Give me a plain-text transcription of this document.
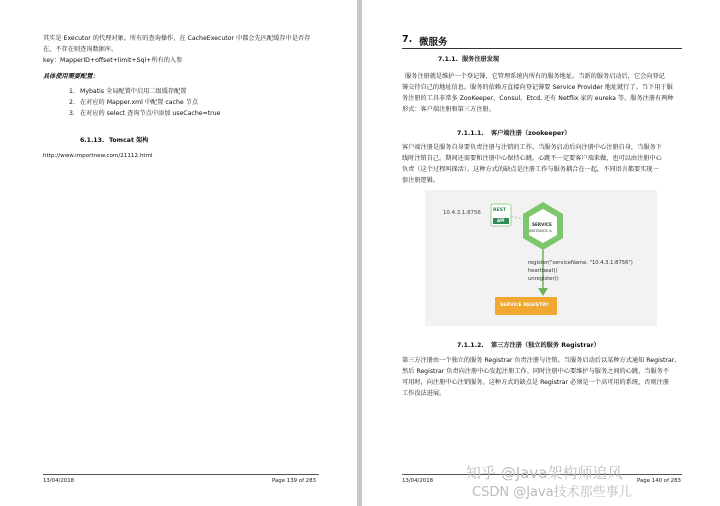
其实是 Executor 的代理对象。所有的查询操作，在 CacheExecutor 中都会先匹配缓存中是否存
在，不存在则查询数据库。
key：MapperID+offset+limit+Sql+所有的入参
具体使用需要配置：
1. Mybatis 全局配置中启用二级缓存配置
2. 在对应的 Mapper.xml 中配置 cache 节点
3. 在对应的 select 查询节点中添加 useCache=true
6.1.13. Tomcat 架构
http://www.importnew.com/21112.html
13/04/2018	Page 139 of 283
7. 微服务
7.1.1. 服务注册发现
服务注册就是维护一个登记簿，它管理系统内所有的服务地址。当新的服务启动后，它会向登记
簿交待自己的地址信息。服务的依赖方直接向登记簿要 Service Provider 地址就行了。当下用于服
务注册的工具非常多 ZooKeeper，Consul，Etcd, 还有 Netflix 家的 eureka 等。服务注册有两种
形式：客户端注册和第三方注册。
7.1.1.1. 客户端注册（zookeeper）
客户端注册是服务自身要负责注册与注销的工作。当服务启动后向注册中心注册自身，当服务下
线时注销自己。期间还需要和注册中心保持心跳。心跳不一定要客户端来做，也可以由注册中心
负责（这个过程叫探活）。这种方式的缺点是注册工作与服务耦合在一起，不同语言都要实现一
套注册逻辑。
10.4.3.1:8756	REST
API
SERVICE
INSTANCE A
register("serviceName, "10.4.3.1:8756")
heartbeat()
unregister()
SERVICE REGISTRY
7.1.1.2. 第三方注册（独立的服务 Registrar）
第三方注册由一个独立的服务 Registrar 负责注册与注销。当服务启动后以某种方式通知 Registrar,
然后 Registrar 负责向注册中心发起注册工作。同时注册中心要维护与服务之间的心跳，当服务不
可用时，向注册中心注销服务。这种方式的缺点是 Registrar 必须是一个高可用的系统，否则注册
工作没法进展。
13/04/2018	Page 140 of 283
知乎 @Java架构师追风
CSDN @Java技术那些事儿
